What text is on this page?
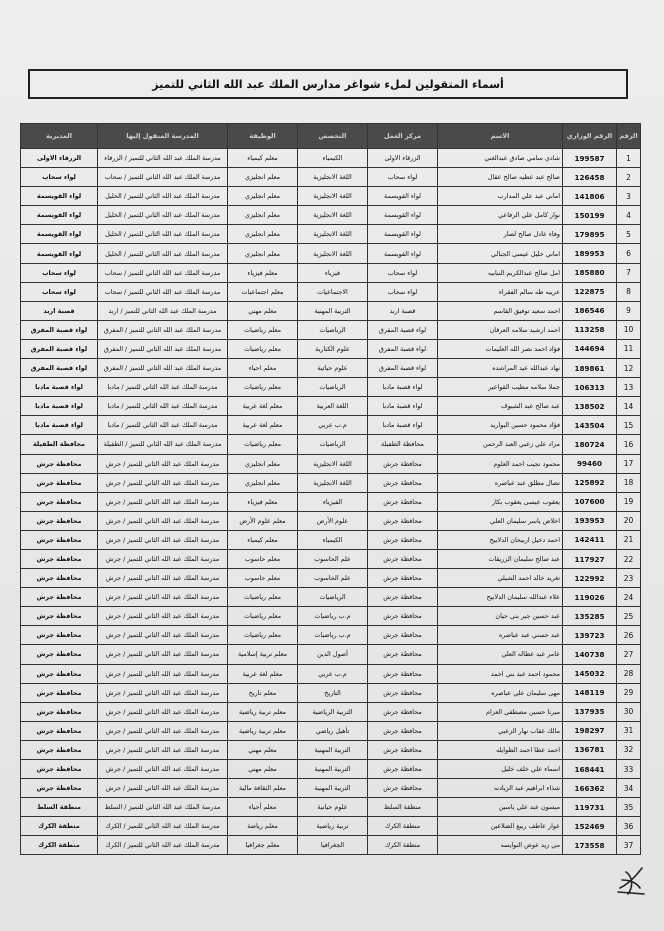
أسماء المتقولين لملء شواغر مدارس الملك عبد الله الثاني للتميز
الرقم	الرقم الوزاري	الاسم	مركز العمل	التخصص	الوظيفة	المدرسة المنقول إليها	المديرية
1	199587	شادي سامي صادق عبدالغني	الزرقاء الاولى	الكيمياء	معلم كيمياء	مدرسة الملك عبد الله الثاني للتميز / الزرقاء	الزرقاء الاولى
2	126458	صالح عبد عطيه صالح عقال	لواء سحاب	اللغة الانجليزية	معلم انجليزي	مدرسة الملك عبد الله الثاني للتميز / سحاب	لواء سحاب
3	141806	اماني عبد علي المدارب	لواء القويسمة	اللغة الانجليزية	معلم انجليزي	مدرسة الملك عبد الله الثاني للتميز / الخليل	لواء القويسمة
4	150199	نوار كامل علي الرفاعي	لواء القويسمة	اللغة الانجليزية	معلم انجليزي	مدرسة الملك عبد الله الثاني للتميز / الخليل	لواء القويسمة
5	179895	وفاء عادل صالح لصار	لواء القويسمة	اللغة الانجليزية	معلم انجليزي	مدرسة الملك عبد الله الثاني للتميز / الخليل	لواء القويسمة
6	189953	اماني خليل عيسى الجبالي	لواء القويسمة	اللغة الانجليزية	معلم انجليزي	مدرسة الملك عبد الله الثاني للتميز / الخليل	لواء القويسمة
7	185880	امل صالح عبدالكريم النبابيه	لواء سحاب	فيزياء	معلم فيزياء	مدرسة الملك عبد الله الثاني للتميز / سحاب	لواء سحاب
8	122875	عريبه طه سالم الفقراء	لواء سحاب	الاجتماعيات	معلم اجتماعيات	مدرسة الملك عبد الله الثاني للتميز / سحاب	لواء سحاب
9	186546	احمد سعيد توفيق القاسم	قصبة اربد	التربية المهنية	معلم مهني	مدرسة الملك عبد الله الثاني للتميز / اربد	قصبة اربد
10	113258	احمد ارشيد سلامه العرقان	لواء قصبة المفرق	الرياضيات	معلم رياضيات	مدرسة الملك عبد الله الثاني للتميز / المفرق	لواء قصبة المفرق
11	144694	فؤاد احمد نصر الله العليمات	لواء قصبة المفرق	علوم الكتارية	معلم رياضيات	مدرسة الملك عبد الله الثاني للتميز / المفرق	لواء قصبة المفرق
12	189861	نهاد عبدالله عيد المراشده	لواء قصبة المفرق	علوم حياتية	معلم احياء	مدرسة الملك عبد الله الثاني للتميز / المفرق	لواء قصبة المفرق
13	106313	جملا سلامه مطيب القواعير	لواء قصبة مادبا	الرياضيات	معلم رياضيات	مدرسة الملك عبد الله الثاني للتميز / مادبا	لواء قصبة مادبا
14	138502	عبد صالح عبد الشيوف	لواء قصبة مادبا	اللغة العربية	معلم لغة عربية	مدرسة الملك عبد الله الثاني للتميز / مادبا	لواء قصبة مادبا
15	143504	فؤاد محمود حسين البواريد	لواء قصبة مادبا	م.ب عربي	معلم لغة عربية	مدرسة الملك عبد الله الثاني للتميز / مادبا	لواء قصبة مادبا
16	180724	مراد علي زعبي العبد الرحمن	محافظة الطفيلة	الرياضيات	معلم رياضيات	مدرسة الملك عبد الله الثاني للتميز / الطفيلة	محافظة الطفيلة
17	99460	محمود نجيب احمد العلوم	محافظة جرش	اللغة الانجليزية	معلم انجليزي	مدرسة الملك عبد الله الثاني للتميز / جرش	محافظة جرش
18	125892	نضال مطلق عبد عباصره	محافظة جرش	اللغة الانجليزية	معلم انجليزي	مدرسة الملك عبد الله الثاني للتميز / جرش	محافظة جرش
19	107600	يعقوب عيسى يعقوب بكار	محافظة جرش	الفيزياء	معلم فيزياء	مدرسة الملك عبد الله الثاني للتميز / جرش	محافظة جرش
20	193953	اخلاص ياسر سليمان العلي	محافظة جرش	علوم الأرض	معلم علوم الأرض	مدرسة الملك عبد الله الثاني للتميز / جرش	محافظة جرش
21	142411	احمد دخيل اربيحان الدلابيح	محافظة جرش	الكيمياء	معلم كيمياء	مدرسة الملك عبد الله الثاني للتميز / جرش	محافظة جرش
22	117927	عبد صالح سليمان الزريقات	محافظة جرش	علم الحاسوب	معلم حاسوب	مدرسة الملك عبد الله الثاني للتميز / جرش	محافظة جرش
23	122992	تغريد خالد احمد الشيلي	محافظة جرش	علم الحاسوب	معلم حاسوب	مدرسة الملك عبد الله الثاني للتميز / جرش	محافظة جرش
24	119026	علاء عبدالله سليمان الدلابيح	محافظة جرش	الرياضيات	معلم رياضيات	مدرسة الملك عبد الله الثاني للتميز / جرش	محافظة جرش
25	135285	عبد حسين جبر بني حيان	محافظة جرش	م.ب رياضيات	معلم رياضيات	مدرسة الملك عبد الله الثاني للتميز / جرش	محافظة جرش
26	139723	عبد حسني عبد عباصره	محافظة جرش	م.ب رياضيات	معلم رياضيات	مدرسة الملك عبد الله الثاني للتميز / جرش	محافظة جرش
27	140738	عامر عبد عطاله العلي	محافظة جرش	أصول الدين	معلم تربية إسلامية	مدرسة الملك عبد الله الثاني للتميز / جرش	محافظة جرش
28	145032	محمود احمد عبد بني احمد	محافظة جرش	م.ب عربي	معلم لغة عربية	مدرسة الملك عبد الله الثاني للتميز / جرش	محافظة جرش
29	148119	مهى سليمان علي عباصره	محافظة جرش	التاريخ	معلم تاريخ	مدرسة الملك عبد الله الثاني للتميز / جرش	محافظة جرش
30	137935	ميرنا حسين مصطفى العزام	محافظة جرش	التربية الرياضية	معلم تربية رياضية	مدرسة الملك عبد الله الثاني للتميز / جرش	محافظة جرش
31	198297	مالك عقاب نهار الزعبي	محافظة جرش	تأهيل رياضي	معلم تربية رياضية	مدرسة الملك عبد الله الثاني للتميز / جرش	محافظة جرش
32	136781	احمد عطا احمد الطوايله	محافظة جرش	التربية المهنية	معلم مهني	مدرسة الملك عبد الله الثاني للتميز / جرش	محافظة جرش
33	168441	اسماء علي خلف خليل	محافظة جرش	التربية المهنية	معلم مهني	مدرسة الملك عبد الله الثاني للتميز / جرش	محافظة جرش
34	166362	شذاء ابراهيم عبد الزيادنه	محافظة جرش	التربية المهنية	معلم الثقافة مالية	مدرسة الملك عبد الله الثاني للتميز / جرش	محافظة جرش
35	119731	ميسون عبد علي ياسين	منطقة السلط	علوم حياتية	معلم أحياء	مدرسة الملك عبد الله الثاني للتميز / السلط	منطقة السلط
36	152469	عوار عاطف ربيع الضلاعين	منطقة الكرك	تربية رياضية	معلم رياضة	مدرسة الملك عبد الله الثاني للتميز / الكرك	منطقة الكرك
37	173558	مي زيد عوض النوايسه	منطقة الكرك	الجغرافيا	معلم جغرافيا	مدرسة الملك عبد الله الثاني للتميز / الكرك	منطقة الكرك
